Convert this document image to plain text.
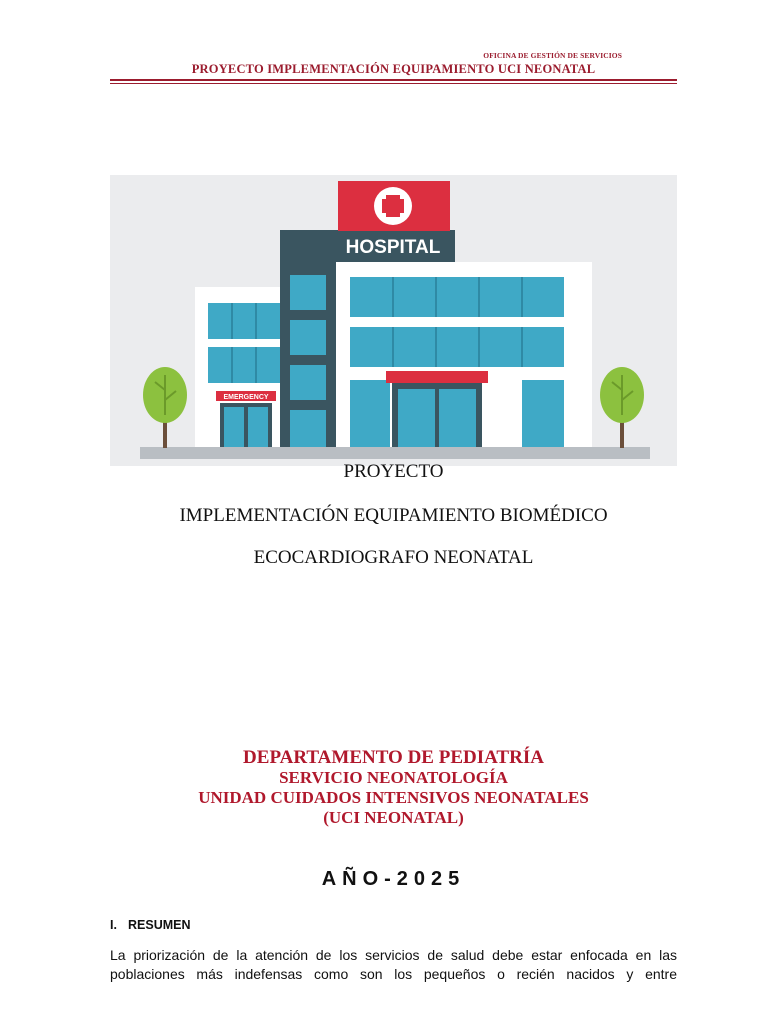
OFICINA DE GESTIÓN DE SERVICIOS
PROYECTO IMPLEMENTACIÓN EQUIPAMIENTO UCI NEONATAL
EMERGENCY
HOSPITAL
PROYECTO
IMPLEMENTACIÓN EQUIPAMIENTO BIOMÉDICO
ECOCARDIOGRAFO NEONATAL
DEPARTAMENTO DE PEDIATRÍA
SERVICIO NEONATOLOGÍA
UNIDAD CUIDADOS INTENSIVOS NEONATALES
(UCI NEONATAL)
AÑO-2025
I. RESUMEN
La priorización de la atención de los servicios de salud debe estar enfocada en las poblaciones más indefensas como son los pequeños o recién nacidos y entre
